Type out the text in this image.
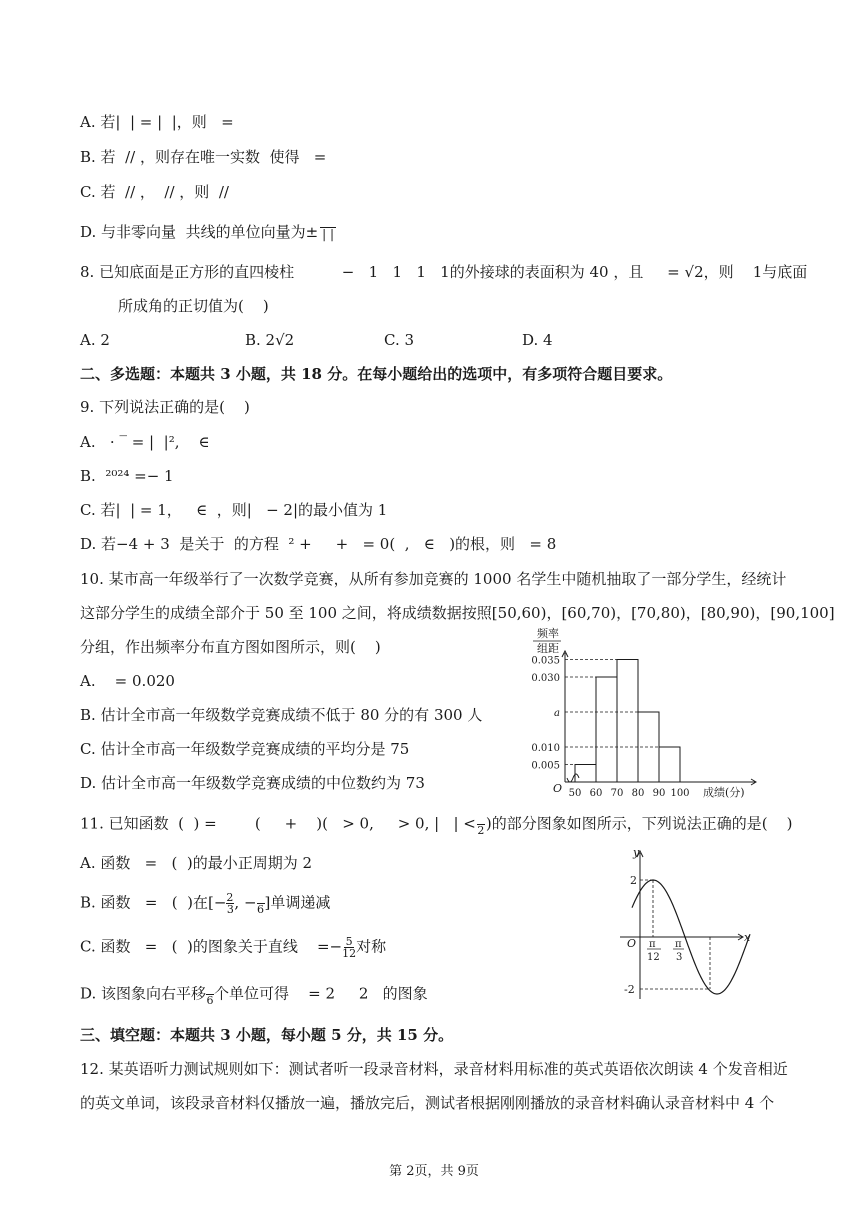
A. 若|  | = |  |，则   =
B. 若  // ，则存在唯一实数  使得   =
C. 若  // ，  // ，则  //
D. 与非零向量  共线的单位向量为± | |
8. 已知底面是正方形的直四棱柱          −   1   1   1   1的外接球的表面积为 40 ，且     = √2，则    1与底面
所成角的正切值为(    )
A. 2	B. 2√2	C. 3	D. 4
二、多选题：本题共 3 小题，共 18 分。在每小题给出的选项中，有多项符合题目要求。
9. 下列说法正确的是(    )
A.   · ‾ = |  |²,    ∈
B.  ²⁰²⁴ =− 1
C. 若|  | = 1，   ∈  ，则|   − 2|的最小值为 1
D. 若−4 + 3  是关于  的方程  ² +     +   = 0(  ,   ∈   )的根，则   = 8
10. 某市高一年级举行了一次数学竞赛，从所有参加竞赛的 1000 名学生中随机抽取了一部分学生，经统计
这部分学生的成绩全部介于 50 至 100 之间，将成绩数据按照[50,60)，[60,70)，[70,80)，[80,90)，[90,100]
分组，作出频率分布直方图如图所示，则(    )
A.    = 0.020
B. 估计全市高一年级数学竞赛成绩不低于 80 分的有 300 人
C. 估计全市高一年级数学竞赛成绩的平均分是 75
D. 估计全市高一年级数学竞赛成绩的中位数约为 73
频率
组距
成绩(分)
O
0.035
0.030
a
0.010
0.005
50 60 70 80 90 100
11. 已知函数  (  ) =        (     +    )(   > 0,     > 0, |   | < 2 )的部分图象如图所示，下列说法正确的是(    )
A. 函数   =   (  )的最小正周期为 2
B. 函数   =   (  )在[− $\frac{2}{3}$ , − 6 ]单调递减
C. 函数   =   (  )的图象关于直线    =− $\frac{5}{12}$ 对称
D. 该图象向右平移 6 个单位可得    = 2     2   的图象
y
x
O
2
-2
π
12
π
3
三、填空题：本题共 3 小题，每小题 5 分，共 15 分。
12. 某英语听力测试规则如下：测试者听一段录音材料，录音材料用标准的英式英语依次朗读 4 个发音相近
的英文单词，该段录音材料仅播放一遍，播放完后，测试者根据刚刚播放的录音材料确认录音材料中 4 个
第 2页，共 9页
